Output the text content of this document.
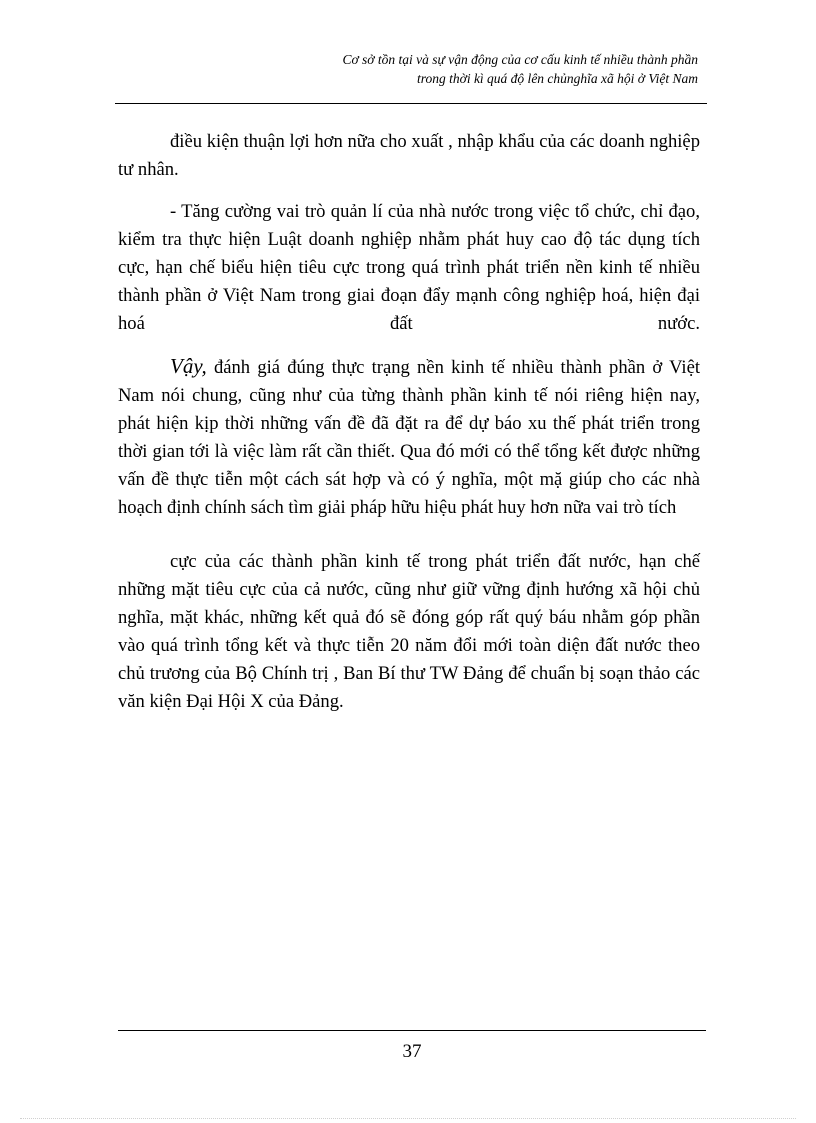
Cơ sở tồn tại và sự vận động của cơ cấu kinh tế nhiều thành phần
trong thời kì quá độ lên chủnghĩa xã hội ở Việt Nam

điều kiện thuận lợi hơn nữa cho xuất , nhập khẩu của các doanh nghiệp tư nhân.

- Tăng cường vai trò quản lí của nhà nước trong việc tổ chức, chỉ đạo, kiểm tra thực hiện Luật doanh nghiệp nhằm phát huy cao độ tác dụng tích cực, hạn chế biểu hiện tiêu cực trong quá trình phát triển nền kinh tế nhiều thành phần ở Việt Nam trong giai đoạn đẩy mạnh công nghiệp hoá, hiện đại hoá đất nước.

Vậy, đánh giá đúng thực trạng nền kinh tế nhiều thành phần ở Việt Nam nói chung, cũng như của từng thành phần kinh tế nói riêng hiện nay, phát hiện kịp thời những vấn đề đã đặt ra để dự báo xu thế phát triển trong thời gian tới là việc làm rất cần thiết. Qua đó mới có thể tổng kết được những vấn đề thực tiễn một cách sát hợp và có ý nghĩa, một mặ giúp cho các nhà hoạch định chính sách tìm giải pháp hữu hiệu phát huy hơn nữa vai trò tích

cực của các thành phần kinh tế trong phát triển đất nước, hạn chế những mặt tiêu cực của cả nước, cũng như giữ vững định hướng xã hội chủ nghĩa, mặt khác, những kết quả đó sẽ đóng góp rất quý báu nhằm góp phần vào quá trình tổng kết và thực tiễn 20 năm đổi mới toàn diện đất nước theo chủ trương của Bộ Chính trị , Ban Bí thư TW Đảng để chuẩn bị soạn thảo các văn kiện Đại Hội X của Đảng.

37
